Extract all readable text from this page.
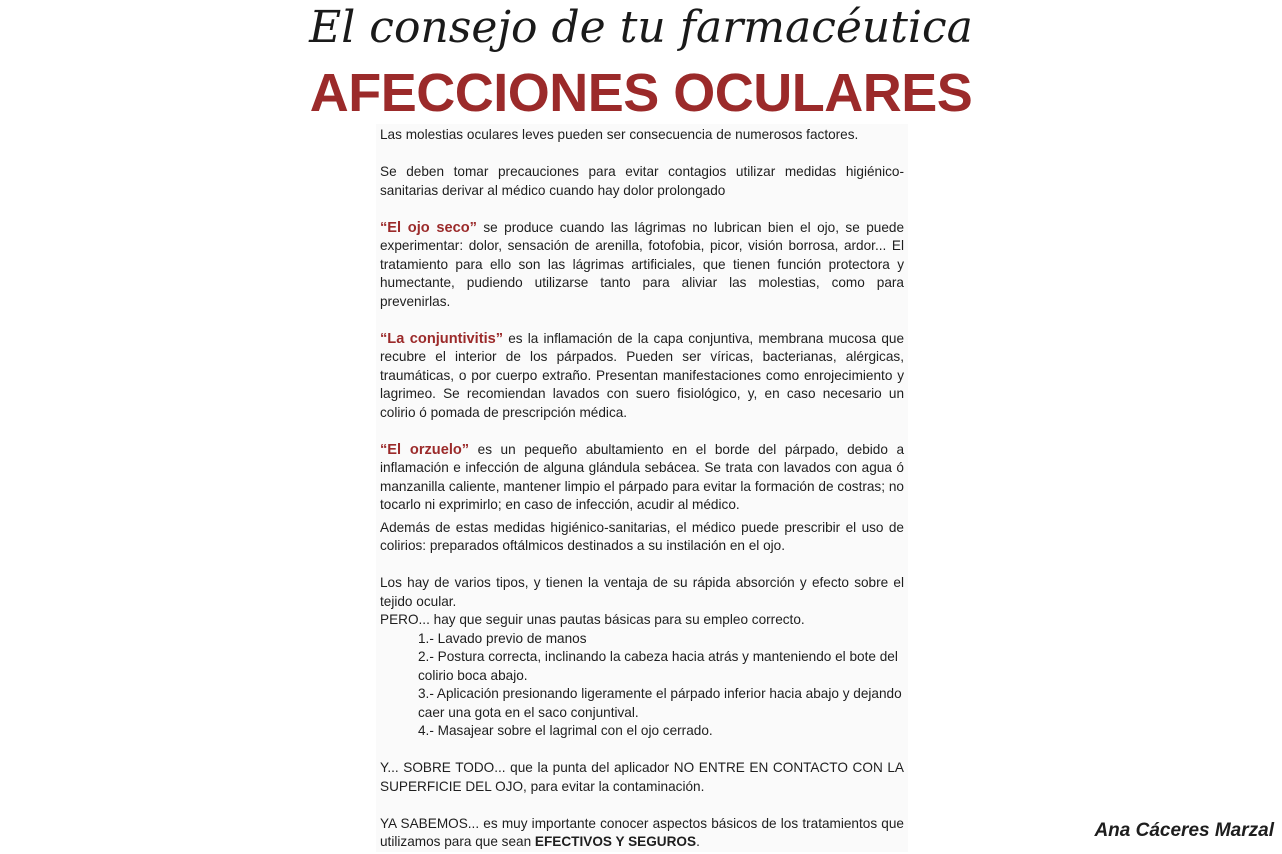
El consejo de tu farmacéutica
AFECCIONES OCULARES

Las molestias oculares leves pueden ser consecuencia de numerosos factores.

Se deben tomar precauciones para evitar contagios utilizar medidas higiénico-sanitarias derivar al médico cuando hay dolor prolongado

“El ojo seco” se produce cuando las lágrimas no lubrican bien el ojo, se puede experimentar: dolor, sensación de arenilla, fotofobia, picor, visión borrosa, ardor... El tratamiento para ello son las lágrimas artificiales, que tienen función protectora y humectante, pudiendo utilizarse tanto para aliviar las molestias, como para prevenirlas.

“La conjuntivitis” es la inflamación de la capa conjuntiva, membrana mucosa que recubre el interior de los párpados. Pueden ser víricas, bacterianas, alérgicas, traumáticas, o por cuerpo extraño. Presentan manifestaciones como enrojecimiento y lagrimeo. Se recomiendan lavados con suero fisiológico, y, en caso necesario un colirio ó pomada de prescripción médica.

“El orzuelo” es un pequeño abultamiento en el borde del párpado, debido a inflamación e infección de alguna glándula sebácea. Se trata con lavados con agua ó manzanilla caliente, mantener limpio el párpado para evitar la formación de costras; no tocarlo ni exprimirlo; en caso de infección, acudir al médico.

Además de estas medidas higiénico-sanitarias, el médico puede prescribir el uso de colirios: preparados oftálmicos destinados a su instilación en el ojo.

Los hay de varios tipos, y tienen la ventaja de su rápida absorción y efecto sobre el tejido ocular.

PERO... hay que seguir unas pautas básicas para su empleo correcto.

1.- Lavado previo de manos
2.- Postura correcta, inclinando la cabeza hacia atrás y manteniendo el bote del colirio boca abajo.
3.- Aplicación presionando ligeramente el párpado inferior hacia abajo y dejando caer una gota en el saco conjuntival.
4.- Masajear sobre el lagrimal con el ojo cerrado.

Y... SOBRE TODO... que la punta del aplicador NO ENTRE EN CONTACTO CON LA SUPERFICIE DEL OJO, para evitar la contaminación.

YA SABEMOS... es muy importante conocer aspectos básicos de los tratamientos que utilizamos para que sean EFECTIVOS Y SEGUROS.

Ana Cáceres Marzal
